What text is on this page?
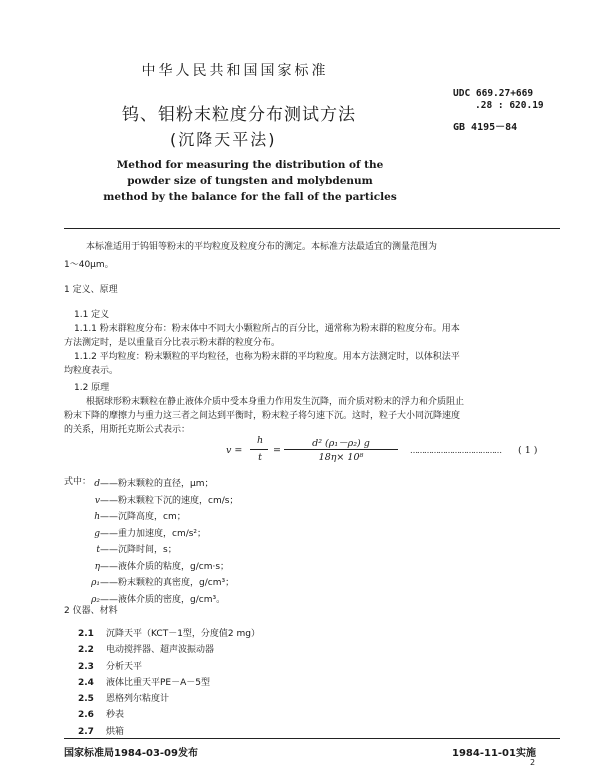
中华人民共和国国家标准
钨、钼粉末粒度分布测试方法
(沉降天平法)
UDC 669.27+669
.28 : 620.19
GB 4195－84
Method for measuring the distribution of the
powder size of tungsten and molybdenum
method by the balance for the fall of the particles
本标准适用于钨钼等粉末的平均粒度及粒度分布的测定。本标准方法最适宜的测量范围为
1～40μm。
1 定义、原理
1.1 定义
1.1.1 粉末群粒度分布：粉末体中不同大小颗粒所占的百分比，通常称为粉末群的粒度分布。用本
方法测定时，是以重量百分比表示粉末群的粒度分布。
1.1.2 平均粒度：粉末颗粒的平均粒径，也称为粉末群的平均粒度。用本方法测定时，以体积法平
均粒度表示。
1.2 原理
根据球形粉末颗粒在静止液体介质中受本身重力作用发生沉降，而介质对粉末的浮力和介质阻止
粉末下降的摩擦力与重力这三者之间达到平衡时，粉末粒子将匀速下沉。这时，粒子大小同沉降速度
的关系，用斯托克斯公式表示：
v =
h
t
=
d² (ρ₁－ρ₂) g
18η× 10⁸
………………………………… ( 1 )
式中： d——粉末颗粒的直径，μm；
v——粉末颗粒下沉的速度，cm/s；
h——沉降高度，cm；
g——重力加速度，cm/s²；
t——沉降时间，s；
η——液体介质的粘度，g/cm·s；
ρ₁——粉末颗粒的真密度，g/cm³；
ρ₂——液体介质的密度，g/cm³。
2 仪器、材料
2.1 沉降天平（KCT－1型，分度值2 mg）
2.2 电动搅拌器、超声波振动器
2.3 分析天平
2.4 液体比重天平PE－A－5型
2.5 恩格列尔粘度计
2.6 秒表
2.7 烘箱
国家标准局1984-03-09发布	1984-11-01实施
2
